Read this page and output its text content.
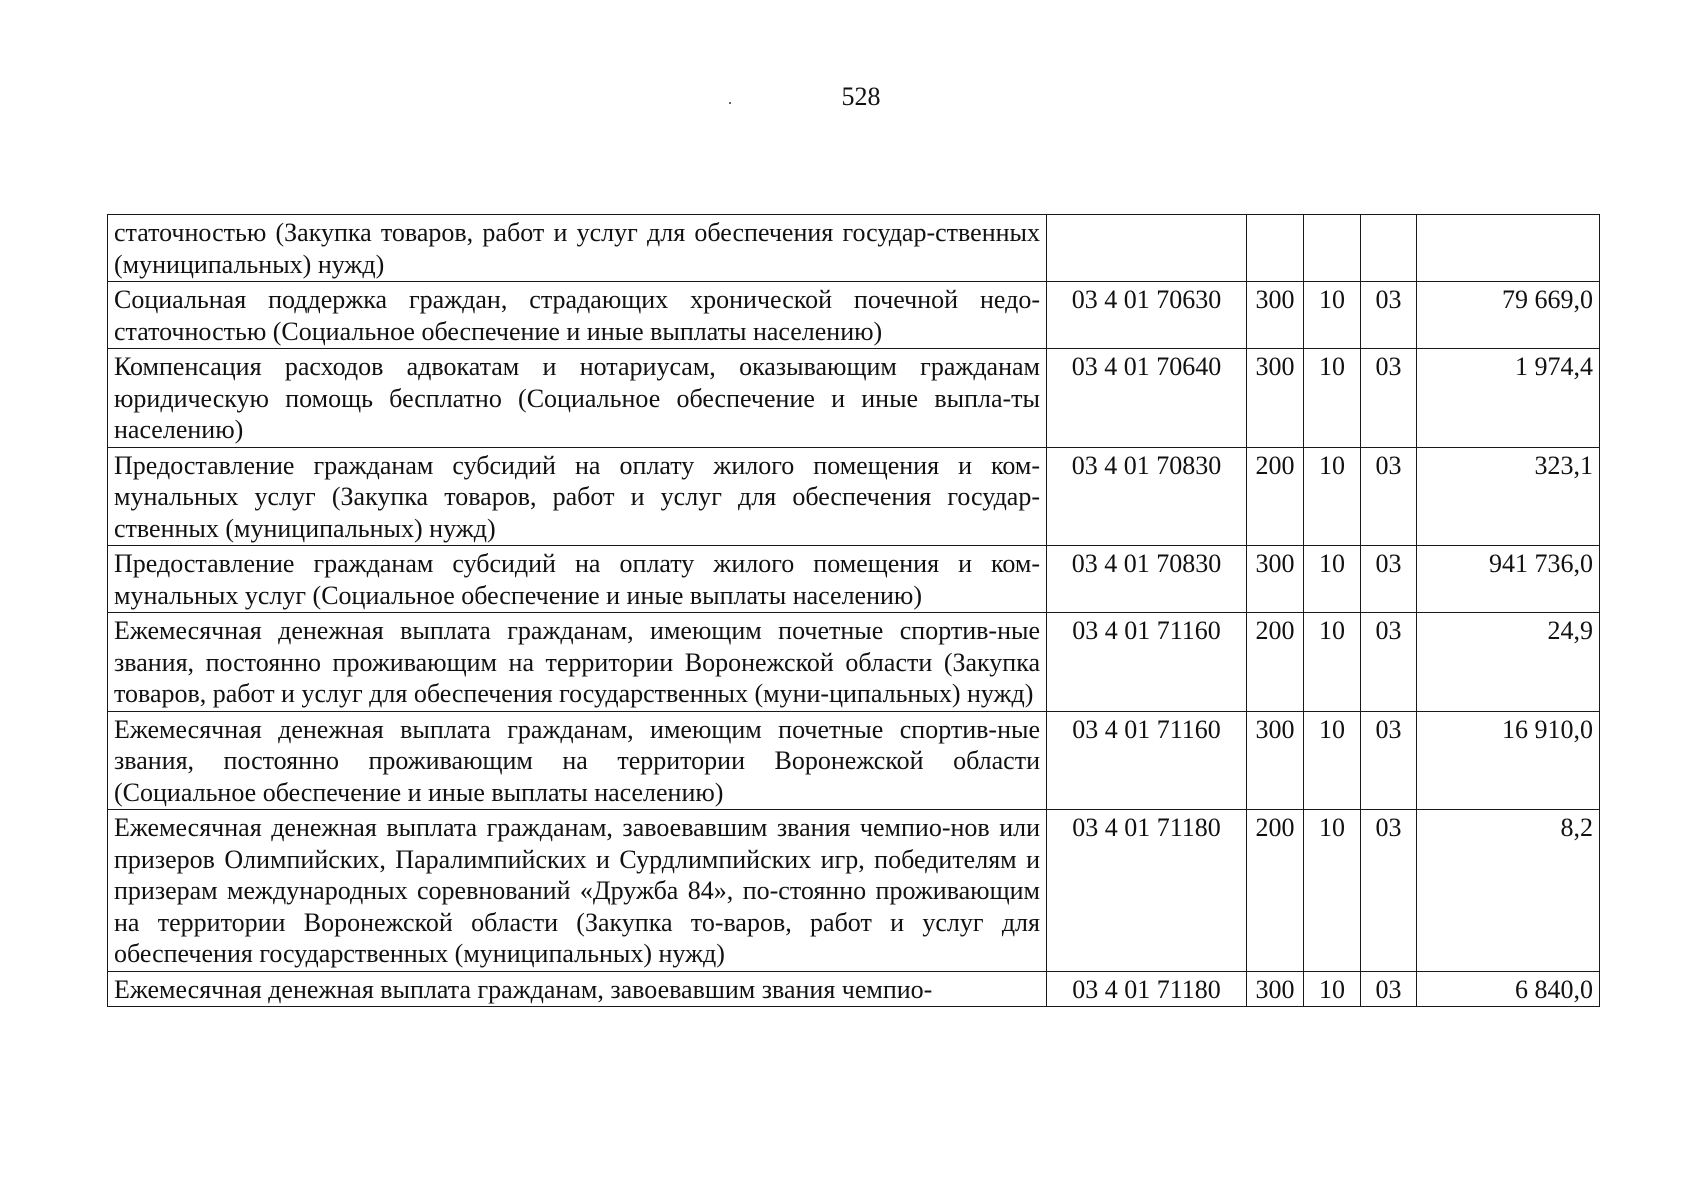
528
статочностью (Закупка товаров, работ и услуг для обеспечения государ-ственных (муниципальных) нужд)					
Социальная поддержка граждан, страдающих хронической почечной недо-статочностью (Социальное обеспечение и иные выплаты населению)	03 4 01 70630	300	10	03	79 669,0
Компенсация расходов адвокатам и нотариусам, оказывающим гражданам юридическую помощь бесплатно (Социальное обеспечение и иные выпла-ты населению)	03 4 01 70640	300	10	03	1 974,4
Предоставление гражданам субсидий на оплату жилого помещения и ком-мунальных услуг (Закупка товаров, работ и услуг для обеспечения государ-ственных (муниципальных) нужд)	03 4 01 70830	200	10	03	323,1
Предоставление гражданам субсидий на оплату жилого помещения и ком-мунальных услуг (Социальное обеспечение и иные выплаты населению)	03 4 01 70830	300	10	03	941 736,0
Ежемесячная денежная выплата гражданам, имеющим почетные спортив-ные звания, постоянно проживающим на территории Воронежской области (Закупка товаров, работ и услуг для обеспечения государственных (муни-ципальных) нужд)	03 4 01 71160	200	10	03	24,9
Ежемесячная денежная выплата гражданам, имеющим почетные спортив-ные звания, постоянно проживающим на территории Воронежской области (Социальное обеспечение и иные выплаты населению)	03 4 01 71160	300	10	03	16 910,0
Ежемесячная денежная выплата гражданам, завоевавшим звания чемпио-нов или призеров Олимпийских, Паралимпийских и Сурдлимпийских игр, победителям и призерам международных соревнований «Дружба 84», по-стоянно проживающим на территории Воронежской области (Закупка то-варов, работ и услуг для обеспечения государственных (муниципальных) нужд)	03 4 01 71180	200	10	03	8,2
Ежемесячная денежная выплата гражданам, завоевавшим звания чемпио-	03 4 01 71180	300	10	03	6 840,0
